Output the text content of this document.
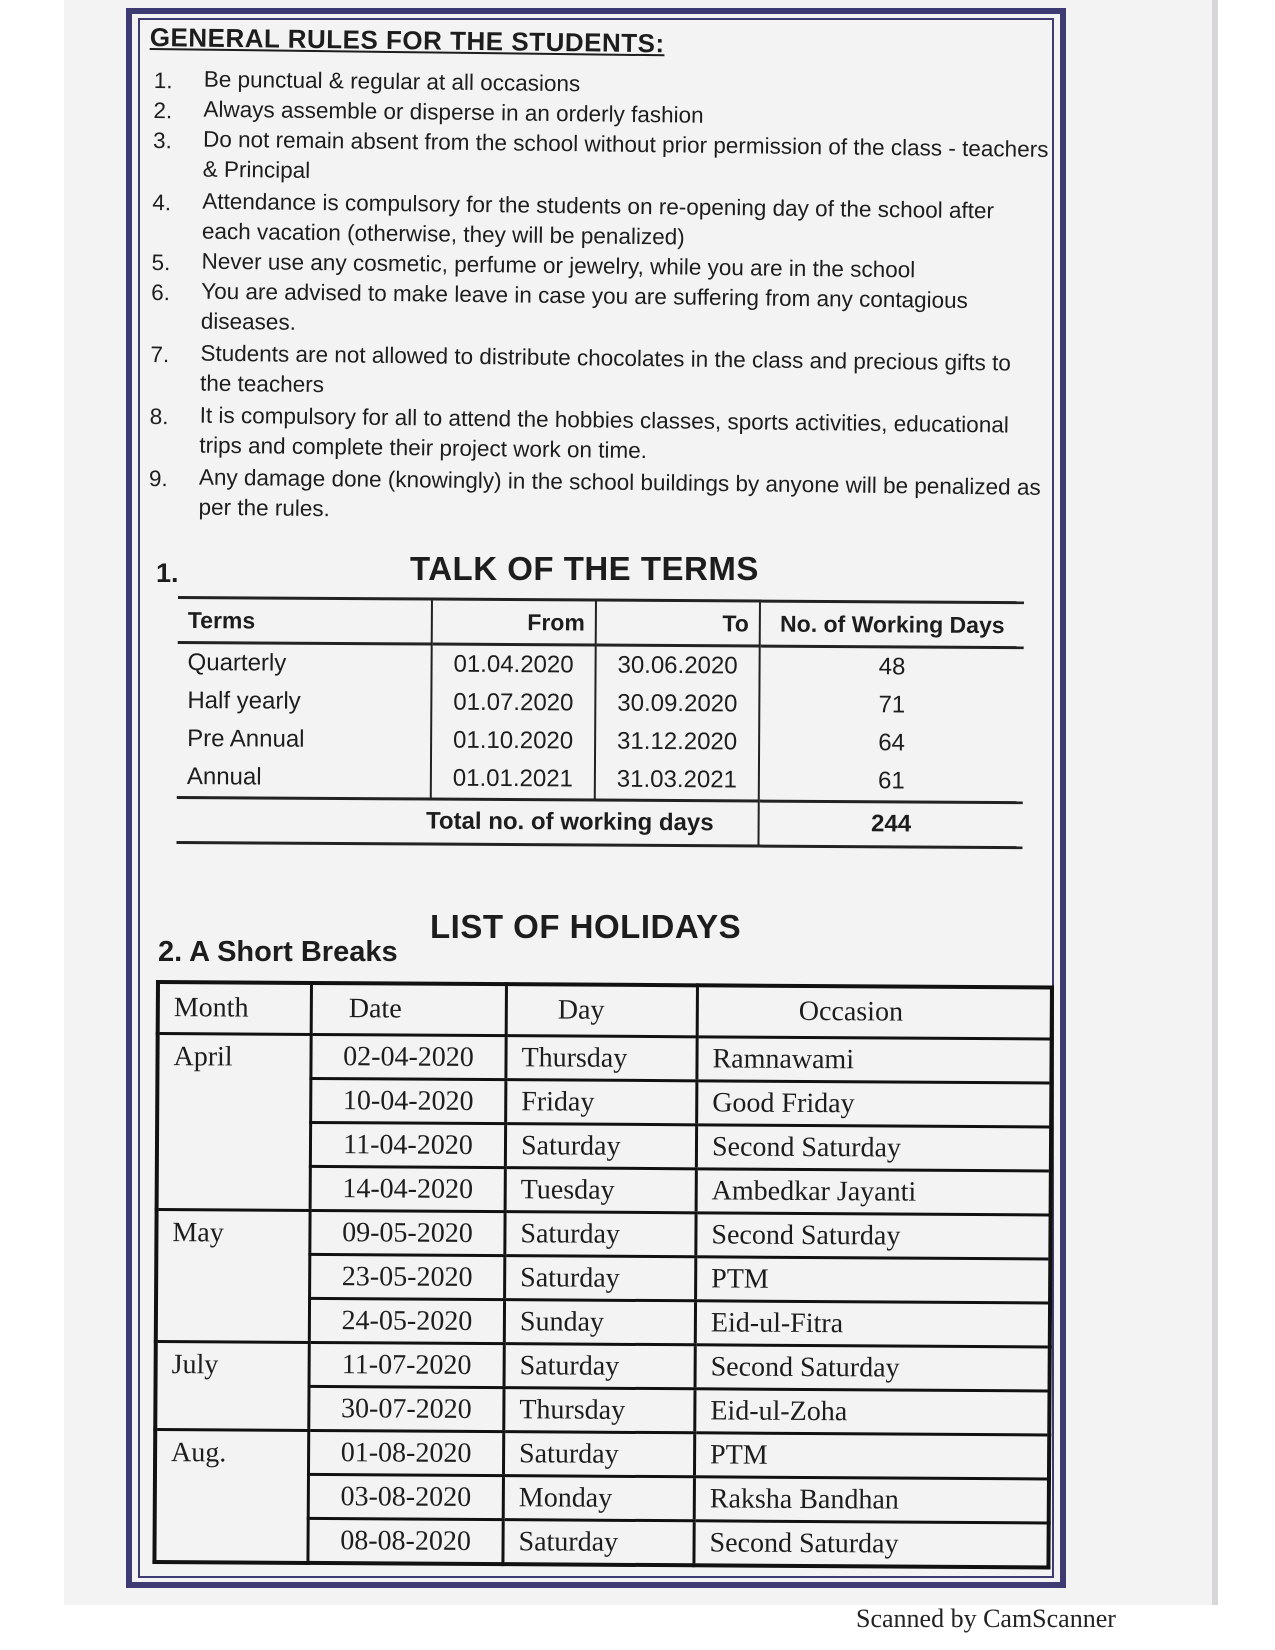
GENERAL RULES FOR THE STUDENTS:
1.	Be punctual & regular at all occasions
2.	Always assemble or disperse in an orderly fashion
3.	Do not remain absent from the school without prior permission of the class - teachers & Principal
4.	Attendance is compulsory for the students on re-opening day of the school after each vacation (otherwise, they will be penalized)
5.	Never use any cosmetic, perfume or jewelry, while you are in the school
6.	You are advised to make leave in case you are suffering from any contagious diseases.
7.	Students are not allowed to distribute chocolates in the class and precious gifts to the teachers
8.	It is compulsory for all to attend the hobbies classes, sports activities, educational trips and complete their project work on time.
9.	Any damage done (knowingly) in the school buildings by anyone will be penalized as per the rules.
1.	TALK OF THE TERMS
Terms	From	To	No. of Working Days
Quarterly	01.04.2020	30.06.2020	48
Half yearly	01.07.2020	30.09.2020	71
Pre Annual	01.10.2020	31.12.2020	64
Annual	01.01.2021	31.03.2021	61
Total no. of working days			244
LIST OF HOLIDAYS
2. A Short Breaks
Month	Date	Day	Occasion
April	02-04-2020	Thursday	Ramnawami
	10-04-2020	Friday	Good Friday
	11-04-2020	Saturday	Second Saturday
	14-04-2020	Tuesday	Ambedkar Jayanti
May	09-05-2020	Saturday	Second Saturday
	23-05-2020	Saturday	PTM
	24-05-2020	Sunday	Eid-ul-Fitra
July	11-07-2020	Saturday	Second Saturday
	30-07-2020	Thursday	Eid-ul-Zoha
Aug.	01-08-2020	Saturday	PTM
	03-08-2020	Monday	Raksha Bandhan
	08-08-2020	Saturday	Second Saturday
Scanned by CamScanner
